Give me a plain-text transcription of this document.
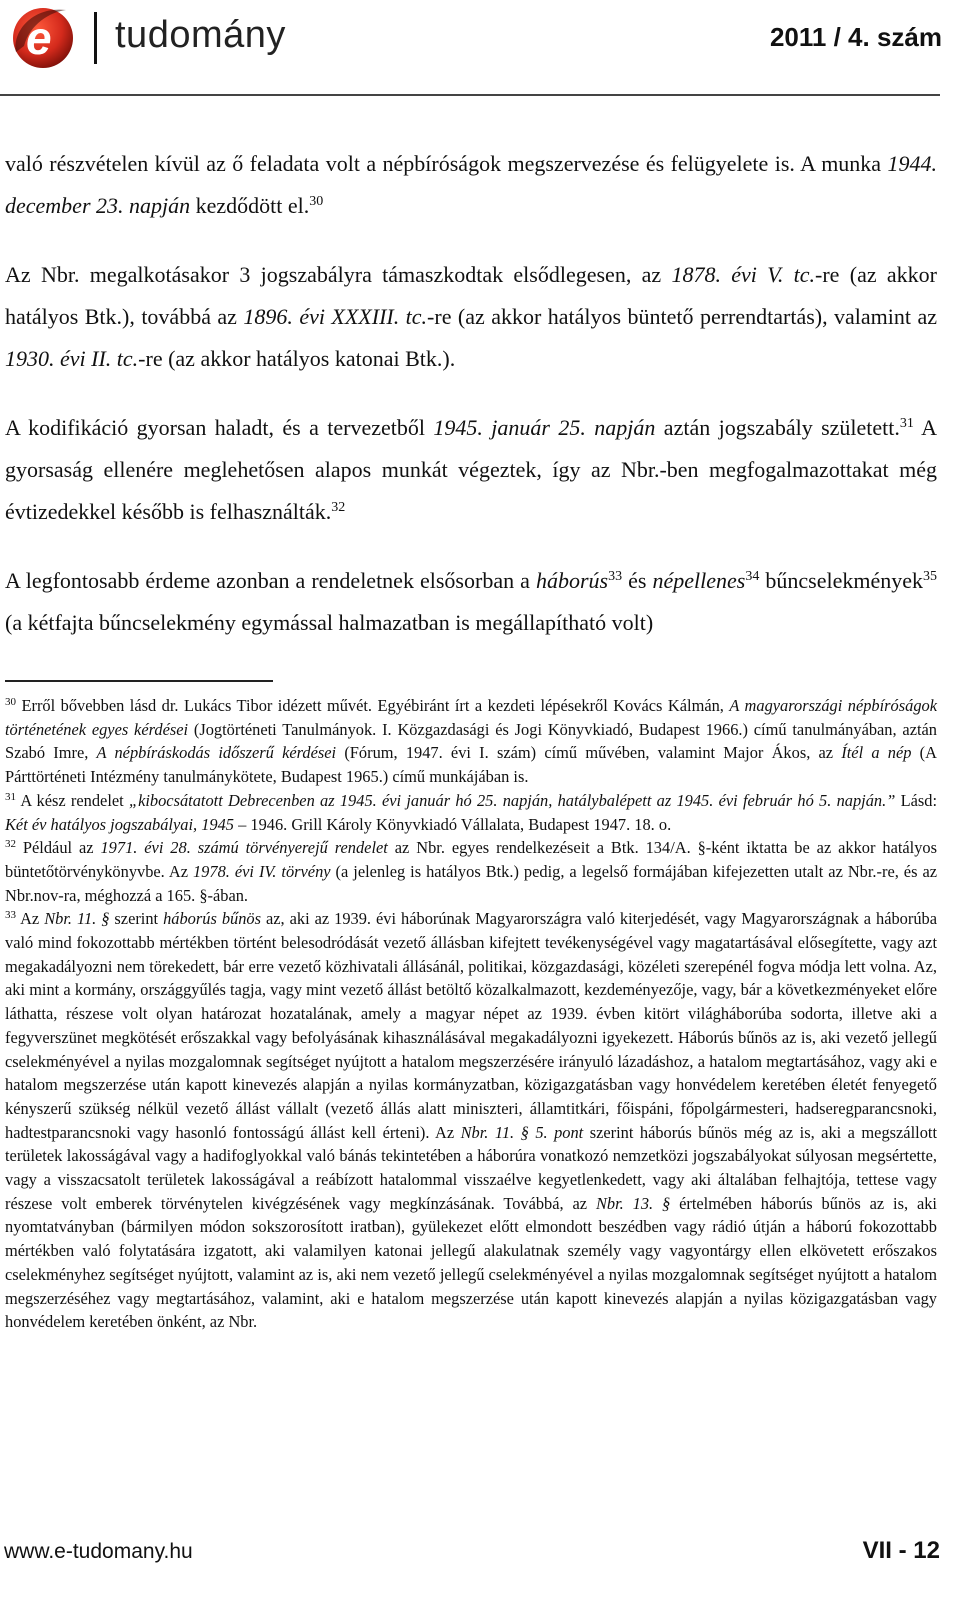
e tudomány	2011 / 4. szám

való részvételen kívül az ő feladata volt a népbíróságok megszervezése és felügyelete is. A munka 1944. december 23. napján kezdődött el.$^{30}$

Az Nbr. megalkotásakor 3 jogszabályra támaszkodtak elsődlegesen, az 1878. évi V. tc.-re (az akkor hatályos Btk.), továbbá az 1896. évi XXXIII. tc.-re (az akkor hatályos büntető perrendtartás), valamint az 1930. évi II. tc.-re (az akkor hatályos katonai Btk.).

A kodifikáció gyorsan haladt, és a tervezetből 1945. január 25. napján aztán jogszabály született.$^{31}$ A gyorsaság ellenére meglehetősen alapos munkát végeztek, így az Nbr.-ben megfogalmazottakat még évtizedekkel később is felhasználták.$^{32}$

A legfontosabb érdeme azonban a rendeletnek elsősorban a háborús$^{33}$ és népellenes$^{34}$ bűncselekmények$^{35}$ (a kétfajta bűncselekmény egymással halmazatban is megállapítható volt)

$^{30}$ Erről bővebben lásd dr. Lukács Tibor idézett művét. Egyébiránt írt a kezdeti lépésekről Kovács Kálmán, A magyarországi népbíróságok történetének egyes kérdései (Jogtörténeti Tanulmányok. I. Közgazdasági és Jogi Könyvkiadó, Budapest 1966.) című tanulmányában, aztán Szabó Imre, A népbíráskodás időszerű kérdései (Fórum, 1947. évi I. szám) című művében, valamint Major Ákos, az Ítél a nép (A Párttörténeti Intézmény tanulmánykötete, Budapest 1965.) című munkájában is.

$^{31}$ A kész rendelet „kibocsátatott Debrecenben az 1945. évi január hó 25. napján, hatálybalépett az 1945. évi február hó 5. napján.” Lásd: Két év hatályos jogszabályai, 1945 – 1946. Grill Károly Könyvkiadó Vállalata, Budapest 1947. 18. o.

$^{32}$ Például az 1971. évi 28. számú törvényerejű rendelet az Nbr. egyes rendelkezéseit a Btk. 134/A. §-ként iktatta be az akkor hatályos büntetőtörvénykönyvbe. Az 1978. évi IV. törvény (a jelenleg is hatályos Btk.) pedig, a legelső formájában kifejezetten utalt az Nbr.-re, és az Nbr.nov-ra, méghozzá a 165. §-ában.

$^{33}$ Az Nbr. 11. § szerint háborús bűnös az, aki az 1939. évi háborúnak Magyarországra való kiterjedését, vagy Magyarországnak a háborúba való mind fokozottabb mértékben történt belesodródását vezető állásban kifejtett tevékenységével vagy magatartásával elősegítette, vagy azt megakadályozni nem törekedett, bár erre vezető közhivatali állásánál, politikai, közgazdasági, közéleti szerepénél fogva módja lett volna. Az, aki mint a kormány, országgyűlés tagja, vagy mint vezető állást betöltő közalkalmazott, kezdeményezője, vagy, bár a következményeket előre láthatta, részese volt olyan határozat hozatalának, amely a magyar népet az 1939. évben kitört világháborúba sodorta, illetve aki a fegyverszünet megkötését erőszakkal vagy befolyásának kihasználásával megakadályozni igyekezett. Háborús bűnös az is, aki vezető jellegű cselekményével a nyilas mozgalomnak segítséget nyújtott a hatalom megszerzésére irányuló lázadáshoz, a hatalom megtartásához, vagy aki e hatalom megszerzése után kapott kinevezés alapján a nyilas kormányzatban, közigazgatásban vagy honvédelem keretében életét fenyegető kényszerű szükség nélkül vezető állást vállalt (vezető állás alatt miniszteri, államtitkári, főispáni, főpolgármesteri, hadseregparancsnoki, hadtestparancsnoki vagy hasonló fontosságú állást kell érteni). Az Nbr. 11. § 5. pont szerint háborús bűnös még az is, aki a megszállott területek lakosságával vagy a hadifoglyokkal való bánás tekintetében a háborúra vonatkozó nemzetközi jogszabályokat súlyosan megsértette, vagy a visszacsatolt területek lakosságával a reábízott hatalommal visszaélve kegyetlenkedett, vagy aki általában felhajtója, tettese vagy részese volt emberek törvénytelen kivégzésének vagy megkínzásának. Továbbá, az Nbr. 13. § értelmében háborús bűnös az is, aki nyomtatványban (bármilyen módon sokszorosított iratban), gyülekezet előtt elmondott beszédben vagy rádió útján a háború fokozottabb mértékben való folytatására izgatott, aki valamilyen katonai jellegű alakulatnak személy vagy vagyontárgy ellen elkövetett erőszakos cselekményhez segítséget nyújtott, valamint az is, aki nem vezető jellegű cselekményével a nyilas mozgalomnak segítséget nyújtott a hatalom megszerzéséhez vagy megtartásához, valamint, aki e hatalom megszerzése után kapott kinevezés alapján a nyilas közigazgatásban vagy honvédelem keretében önként, az Nbr.

www.e-tudomany.hu	VII - 12
